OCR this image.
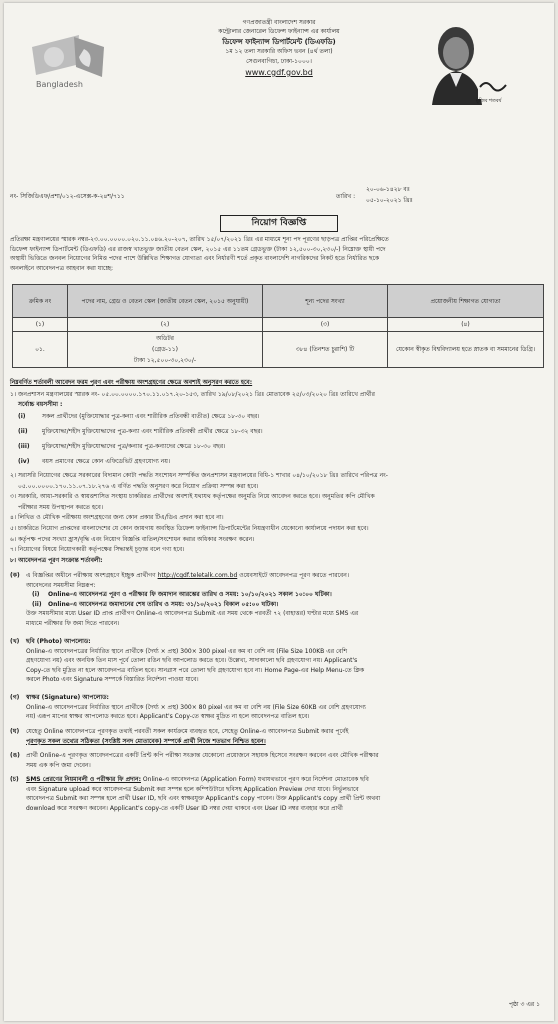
Bangladesh
গণপ্রজাতন্ত্রী বাংলাদেশ সরকার
কন্ট্রোলার জেনারেল ডিফেন্স ফাইন্যান্স এর কার্যালয়
ডিফেন্স ফাইন্যান্স ডিপার্টমেন্ট (ডিএফডি)
১ম ১২ তলা সরকারি অফিস ভবন (৪র্থ তলা)
সেগুনবাগিচা, ঢাকা-১০০০।
www.cgdf.gov.bd
মুজিব শতবর্ষ
২০-০৬-১৪২৮ বঃ
নং- সিজিডিএফ/প্রশা/০১২-এসেক্স-ক-২৪শ/৭১১	তারিখ :
০৫-১০-২০২১ খ্রিঃ
নিয়োগ বিজ্ঞপ্তি
প্রতিরক্ষা মন্ত্রণালয়ের স্মারক নম্বর-২৩.০০.০০০০.০২০.১১.০৪৬.২০-২০৭, তারিখ ১৫/০৭/২০২১ খ্রিঃ এর মাধ্যমে শূন্য পদ পূরণের ছাড়পত্র প্রাপ্তির পরিপ্রেক্ষিতে
ডিফেন্স ফাইন্যান্স ডিপার্টমেন্ট (ডিএফডি) এর রাজস্ব খাতভুক্ত জাতীয় বেতন স্কেল, ২০১৫ এর ১১তম গ্রেডভুক্ত (টাকা ১২,৫০০-৩০,২৩০/-) নিম্নোক্ত স্থায়ী পদে
অস্থায়ী ভিত্তিতে জনবল নিয়োগের নিমিত্ত পদের পাশে উল্লিখিত শিক্ষাগত যোগ্যতা এবং নির্ধারণী শর্তে প্রকৃত বাংলাদেশি নাগরিকদের নিকট হতে নির্ধারিত ছকে
অনলাইনে আবেদনপত্র আহবান করা যাচ্ছে:
ক্রমিক নং	পদের নাম, গ্রেড ও বেতন স্কেল (জাতীয় বেতন স্কেল, ২০১৫ অনুযায়ী)	শূন্য পদের সংখ্যা	প্রয়োজনীয় শিক্ষাগত যোগ্যতা
(১)	(২)	(৩)	(৪)
০১.	অডিটর
(গ্রেড-১১)
টাকা ১২,৫০০-৩০,২৩০/-	৩৮৪ (তিনশত চুরাশি) টি	যেকোন স্বীকৃত বিশ্ববিদ্যালয় হতে স্নাতক বা সমমানের ডিগ্রি।
নিম্নবর্ণিত শর্তাবলী আবেদন ফরম পূরণ এবং পরীক্ষায় অংশগ্রহণের ক্ষেত্রে অবশ্যই অনুসরণ করতে হবে:
১। জনপ্রশাসন মন্ত্রণালয়ের স্মারক নং- ০৫.০০.০০০০.১৭০.১১.০১৭.২০-১৫৩, তারিখ ১৯/০৮/২০২১ খ্রিঃ মোতাবেক ২৫/০৩/২০২০ খ্রিঃ তারিখে প্রার্থীর
সর্বোচ্চ বয়সসীমা :
(i)	সকল প্রার্থীদের (মুক্তিযোদ্ধার পুত্র-কন্যা এবং শারীরিক প্রতিবন্ধী ব্যতীত) ক্ষেত্রে ১৮-৩০ বছর।
(ii) মুক্তিযোদ্ধা/শহীদ মুক্তিযোদ্ধাদের পুত্র-কন্যা এবং শারীরিক প্রতিবন্ধী প্রার্থীর ক্ষেত্রে ১৮-৩২ বছর।
(iii) মুক্তিযোদ্ধা/শহীদ মুক্তিযোদ্ধাদের পুত্র/কন্যার পুত্র-কন্যাদের ক্ষেত্রে ১৮-৩০ বছর।
(iv) বয়স প্রমাণের ক্ষেত্রে কোন এফিডেভিট গ্রহণযোগ্য নয়।
২। সরাসরি নিয়োগের ক্ষেত্রে সরকারের বিদ্যমান কোটা পদ্ধতি সংশোধন সম্পর্কিত জনপ্রশাসন মন্ত্রণালয়ের বিধি-১ শাখার ০৪/১০/২০১৮ খ্রিঃ তারিখে পরিপত্র নং-
০৫.০০.০০০০.১৭০.১১.০৭.১৮.২৭৬ এ বর্ণিত পদ্ধতি অনুসরণ করে নিয়োগ প্রক্রিয়া সম্পন্ন করা হবে।
৩। সরকারি, আধা-সরকারি ও স্বায়ত্তশাসিত সংস্থায় চাকরিরত প্রার্থীদের অবশ্যই যথাযথ কর্তৃপক্ষের অনুমতি নিয়ে আবেদন করতে হবে। অনুমতির কপি মৌখিক
পরীক্ষার সময় উপস্থাপন করতে হবে।
৪। লিখিত ও মৌখিক পরীক্ষায় অংশগ্রহণের জন্য কোন প্রকার টিএ/ডিএ প্রদান করা হবে না।
৫। চাকরিতে নিয়োগ প্রাপ্তদের বাংলাদেশের যে কোন জায়গায় অবস্থিত ডিফেন্স ফাইন্যান্স ডিপার্টমেন্টের নিয়ন্ত্রণাধীন যেকোনো কার্যালয়ে পদায়ন করা হবে।
৬। কর্তৃপক্ষ পদের সংখ্যা হ্রাস/বৃদ্ধি এবং নিয়োগ বিজ্ঞপ্তি বাতিল/সংশোধন করার অধিকার সংরক্ষণ করেন।
৭। নিয়োগের বিষয়ে নিয়োগকারী কর্তৃপক্ষের সিদ্ধান্তই চূড়ান্ত বলে গণ্য হবে।
৮। আবেদনপত্র পূরণ সংক্রান্ত শর্তাবলী:
(ক) এ বিজ্ঞপ্তির অধীনে পরীক্ষায় অংশগ্রহণে ইচ্ছুক প্রার্থীগণ http://cgdf.teletalk.com.bd ওয়েবসাইটে আবেদনপত্র পূরণ করতে পারবেন।
আবেদনের সময়সীমা নিম্নরূপ:
(i) Online-এ আবেদনপত্র পূরণ ও পরীক্ষার ফি জমাদান আরম্ভের তারিখ ও সময়: ১০/১০/২০২১ সকাল ১০:০০ ঘটিকা।
(ii) Online-এ আবেদনপত্র জমাদানের শেষ তারিখ ও সময়: ৩১/১০/২০২১ বিকাল ০৫:০০ ঘটিকা।
উক্ত সময়সীমার মধ্যে User ID প্রাপ্ত প্রার্থীগণ Online-এ আবেদনপত্র Submit এর সময় থেকে পরবর্তী ৭২ (বাহাত্তর) ঘণ্টার মধ্যে SMS এর
মাধ্যমে পরীক্ষার ফি জমা দিতে পারবেন।
(খ) ছবি (Photo) আপলোড:
Online-এ আবেদনপত্রের নির্ধারিত স্থানে প্রার্থীকে (দৈর্ঘ্য × প্রস্থ) 300× 300 pixel এর কম বা বেশি নয় (File Size 100KB এর বেশি
গ্রহণযোগ্য নয়) এবং অনধিক তিন মাস পূর্বে তোলা রঙিন ছবি আপলোড করতে হবে। উল্লেখ্য, সাদাকালো ছবি গ্রহণযোগ্য নয়। Applicant's
Copy-তে ছবি মুদ্রিত না হলে আবেদনপত্র বাতিল হবে। সানগ্লাস পরে তোলা ছবি গ্রহণযোগ্য হবে না। Home Page-এর Help Menu-তে ক্লিক
করলে Photo এবং Signature সম্পর্কে বিস্তারিত নির্দেশনা পাওয়া যাবে।
(গ) স্বাক্ষর (Signature) আপলোড:
Online-এ আবেদনপত্রের নির্ধারিত স্থানে প্রার্থীকে (দৈর্ঘ্য × প্রস্থ) 300× 80 pixel এর কম বা বেশি নয় (File Size 60KB এর বেশি গ্রহণযোগ্য
নয়) এরূপ মাপের স্বাক্ষর আপলোড করতে হবে। Applicant's Copy-তে স্বাক্ষর মুদ্রিত না হলে আবেদনপত্র বাতিল হবে।
(ঘ) যেহেতু Online আবেদনপত্রে পূরণকৃত তথ্যই পরবর্তী সকল কার্যক্রমে ব্যবহৃত হবে, সেহেতু Online-এ আবেদনপত্র Submit করার পূর্বেই
পূরণকৃত সকল তথ্যের সঠিকতা (সংশ্লিষ্ট সনদ মোতাবেক) সম্পর্কে প্রার্থী নিজে শতভাগ নিশ্চিত হবেন।
(ঙ) প্রার্থী Online-এ পূরণকৃত আবেদনপত্রের একটি প্রিন্ট কপি পরীক্ষা সংক্রান্ত যেকোনো প্রয়োজনে সহায়ক হিসেবে সংরক্ষণ করবেন এবং মৌখিক পরীক্ষার
সময় এক কপি জমা দেবেন।
(চ) SMS প্রেরণের নিয়মাবলী ও পরীক্ষার ফি প্রদান: Online-এ আবেদনপত্র (Application Form) যথাযথভাবে পূরণ করে নির্দেশনা মোতাবেক ছবি
এবং Signature upload করে আবেদনপত্র Submit করা সম্পন্ন হলে কম্পিউটারে ছবিসহ Application Preview দেখা যাবে। নির্ভুলভাবে
আবেদনপত্র Submit করা সম্পন্ন হলে প্রার্থী User ID, ছবি এবং স্বাক্ষরযুক্ত Applicant's copy পাবেন। উক্ত Applicant's copy প্রার্থী প্রিন্ট অথবা
download করে সংরক্ষণ করবেন। Applicant's copy-তে একটি User ID নম্বর দেয়া থাকবে এবং User ID নম্বর ব্যবহার করে প্রার্থী
পৃষ্ঠা ৩ এর ১
